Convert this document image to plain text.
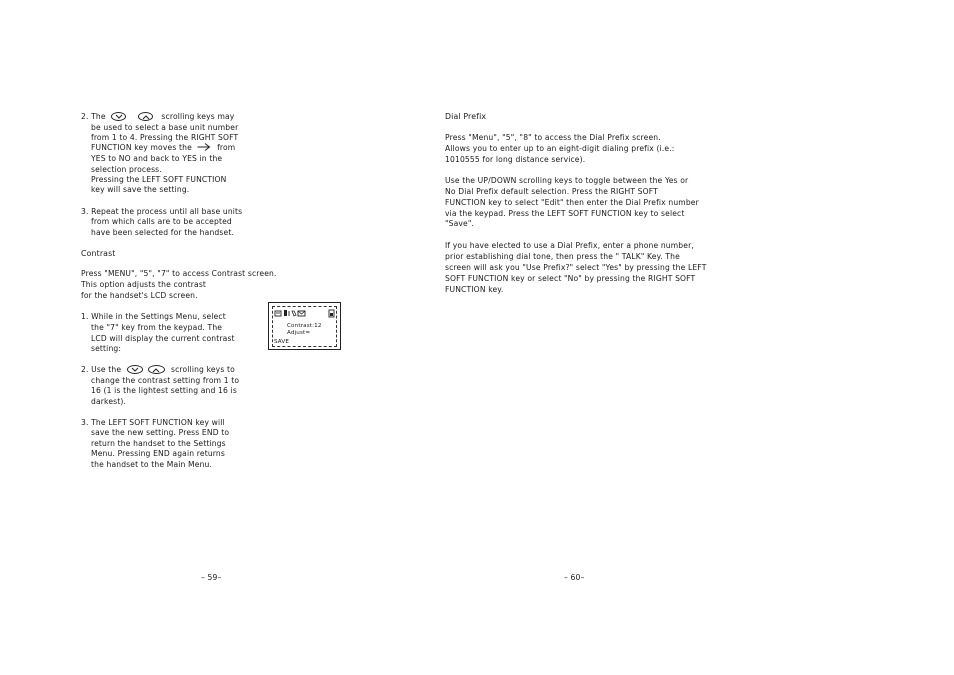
2. The
	scrolling keys may
be used to select a base unit number
from 1 to 4. Pressing the RIGHT SOFT
FUNCTION key moves the	from
YES to NO and back to YES in the
selection process.
Pressing the LEFT SOFT FUNCTION
key will save the setting.
3. Repeat the process until all base units
from which calls are to be accepted
have been selected for the handset.
Contrast
Press "MENU", "5", "7" to access Contrast screen.
This option adjusts the contrast
for the handset's LCD screen.
1. While in the Settings Menu, select
the "7" key from the keypad. The
LCD will display the current contrast
setting:
Contrast:12
Adjust=
SAVE
2. Use the
	scrolling keys to
change the contrast setting from 1 to
16 (1 is the lightest setting and 16 is
darkest).
3. The LEFT SOFT FUNCTION key will
save the new setting. Press END to
return the handset to the Settings
Menu. Pressing END again returns
the handset to the Main Menu.
– 59–
Dial Prefix
Press "Menu", "5", "8" to access the Dial Prefix screen.
Allows you to enter up to an eight-digit dialing prefix (i.e.:
1010555 for long distance service).
Use the UP/DOWN scrolling keys to toggle between the Yes or
No Dial Prefix default selection. Press the RIGHT SOFT
FUNCTION key to select "Edit" then enter the Dial Prefix number
via the keypad. Press the LEFT SOFT FUNCTION key to select
"Save".
If you have elected to use a Dial Prefix, enter a phone number,
prior establishing dial tone, then press the " TALK" Key. The
screen will ask you "Use Prefix?" select "Yes" by pressing the LEFT
SOFT FUNCTION key or select "No" by pressing the RIGHT SOFT
FUNCTION key.
– 60–
